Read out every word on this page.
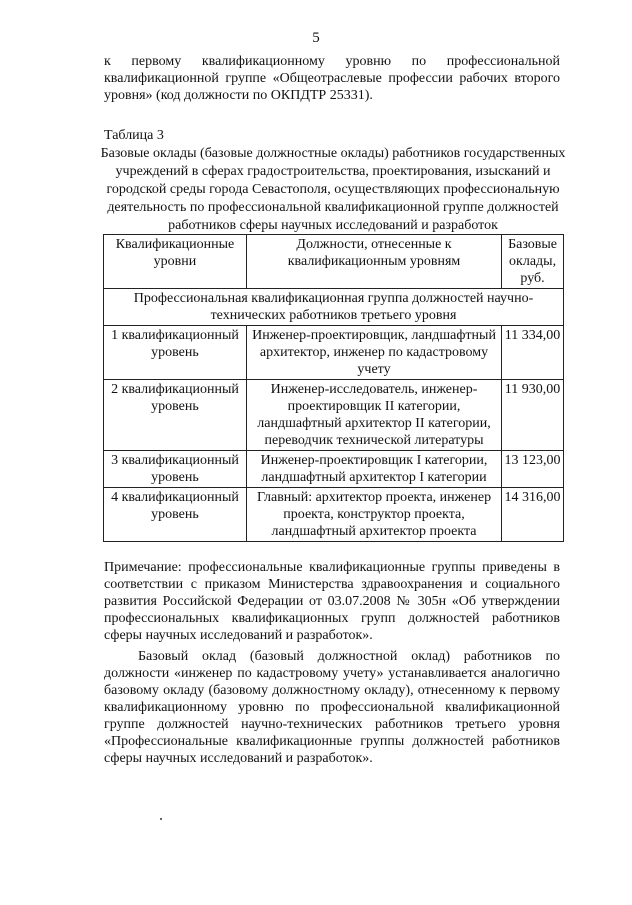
5

к первому квалификационному уровню по профессиональной квалификационной группе «Общеотраслевые профессии рабочих второго уровня» (код должности по ОКПДТР 25331).

Таблица 3

Базовые оклады (базовые должностные оклады) работников государственных учреждений в сферах градостроительства, проектирования, изысканий и городской среды города Севастополя, осуществляющих профессиональную деятельность по профессиональной квалификационной группе должностей работников сферы научных исследований и разработок

Квалификационные уровни	Должности, отнесенные к квалификационным уровням	Базовые оклады, руб.
Профессиональная квалификационная группа должностей научно-технических работников третьего уровня		
1 квалификационный уровень	Инженер-проектировщик, ландшафтный архитектор, инженер по кадастровому учету	11 334,00
2 квалификационный уровень	Инженер-исследователь, инженер-проектировщик II категории, ландшафтный архитектор II категории, переводчик технической литературы	11 930,00
3 квалификационный уровень	Инженер-проектировщик I категории, ландшафтный архитектор I категории	13 123,00
4 квалификационный уровень	Главный: архитектор проекта, инженер проекта, конструктор проекта, ландшафтный архитектор проекта	14 316,00

Примечание: профессиональные квалификационные группы приведены в соответствии с приказом Министерства здравоохранения и социального развития Российской Федерации от 03.07.2008 № 305н «Об утверждении профессиональных квалификационных групп должностей работников сферы научных исследований и разработок».

Базовый оклад (базовый должностной оклад) работников по должности «инженер по кадастровому учету» устанавливается аналогично базовому окладу (базовому должностному окладу), отнесенному к первому квалификационному уровню по профессиональной квалификационной группе должностей научно-технических работников третьего уровня «Профессиональные квалификационные группы должностей работников сферы научных исследований и разработок».
